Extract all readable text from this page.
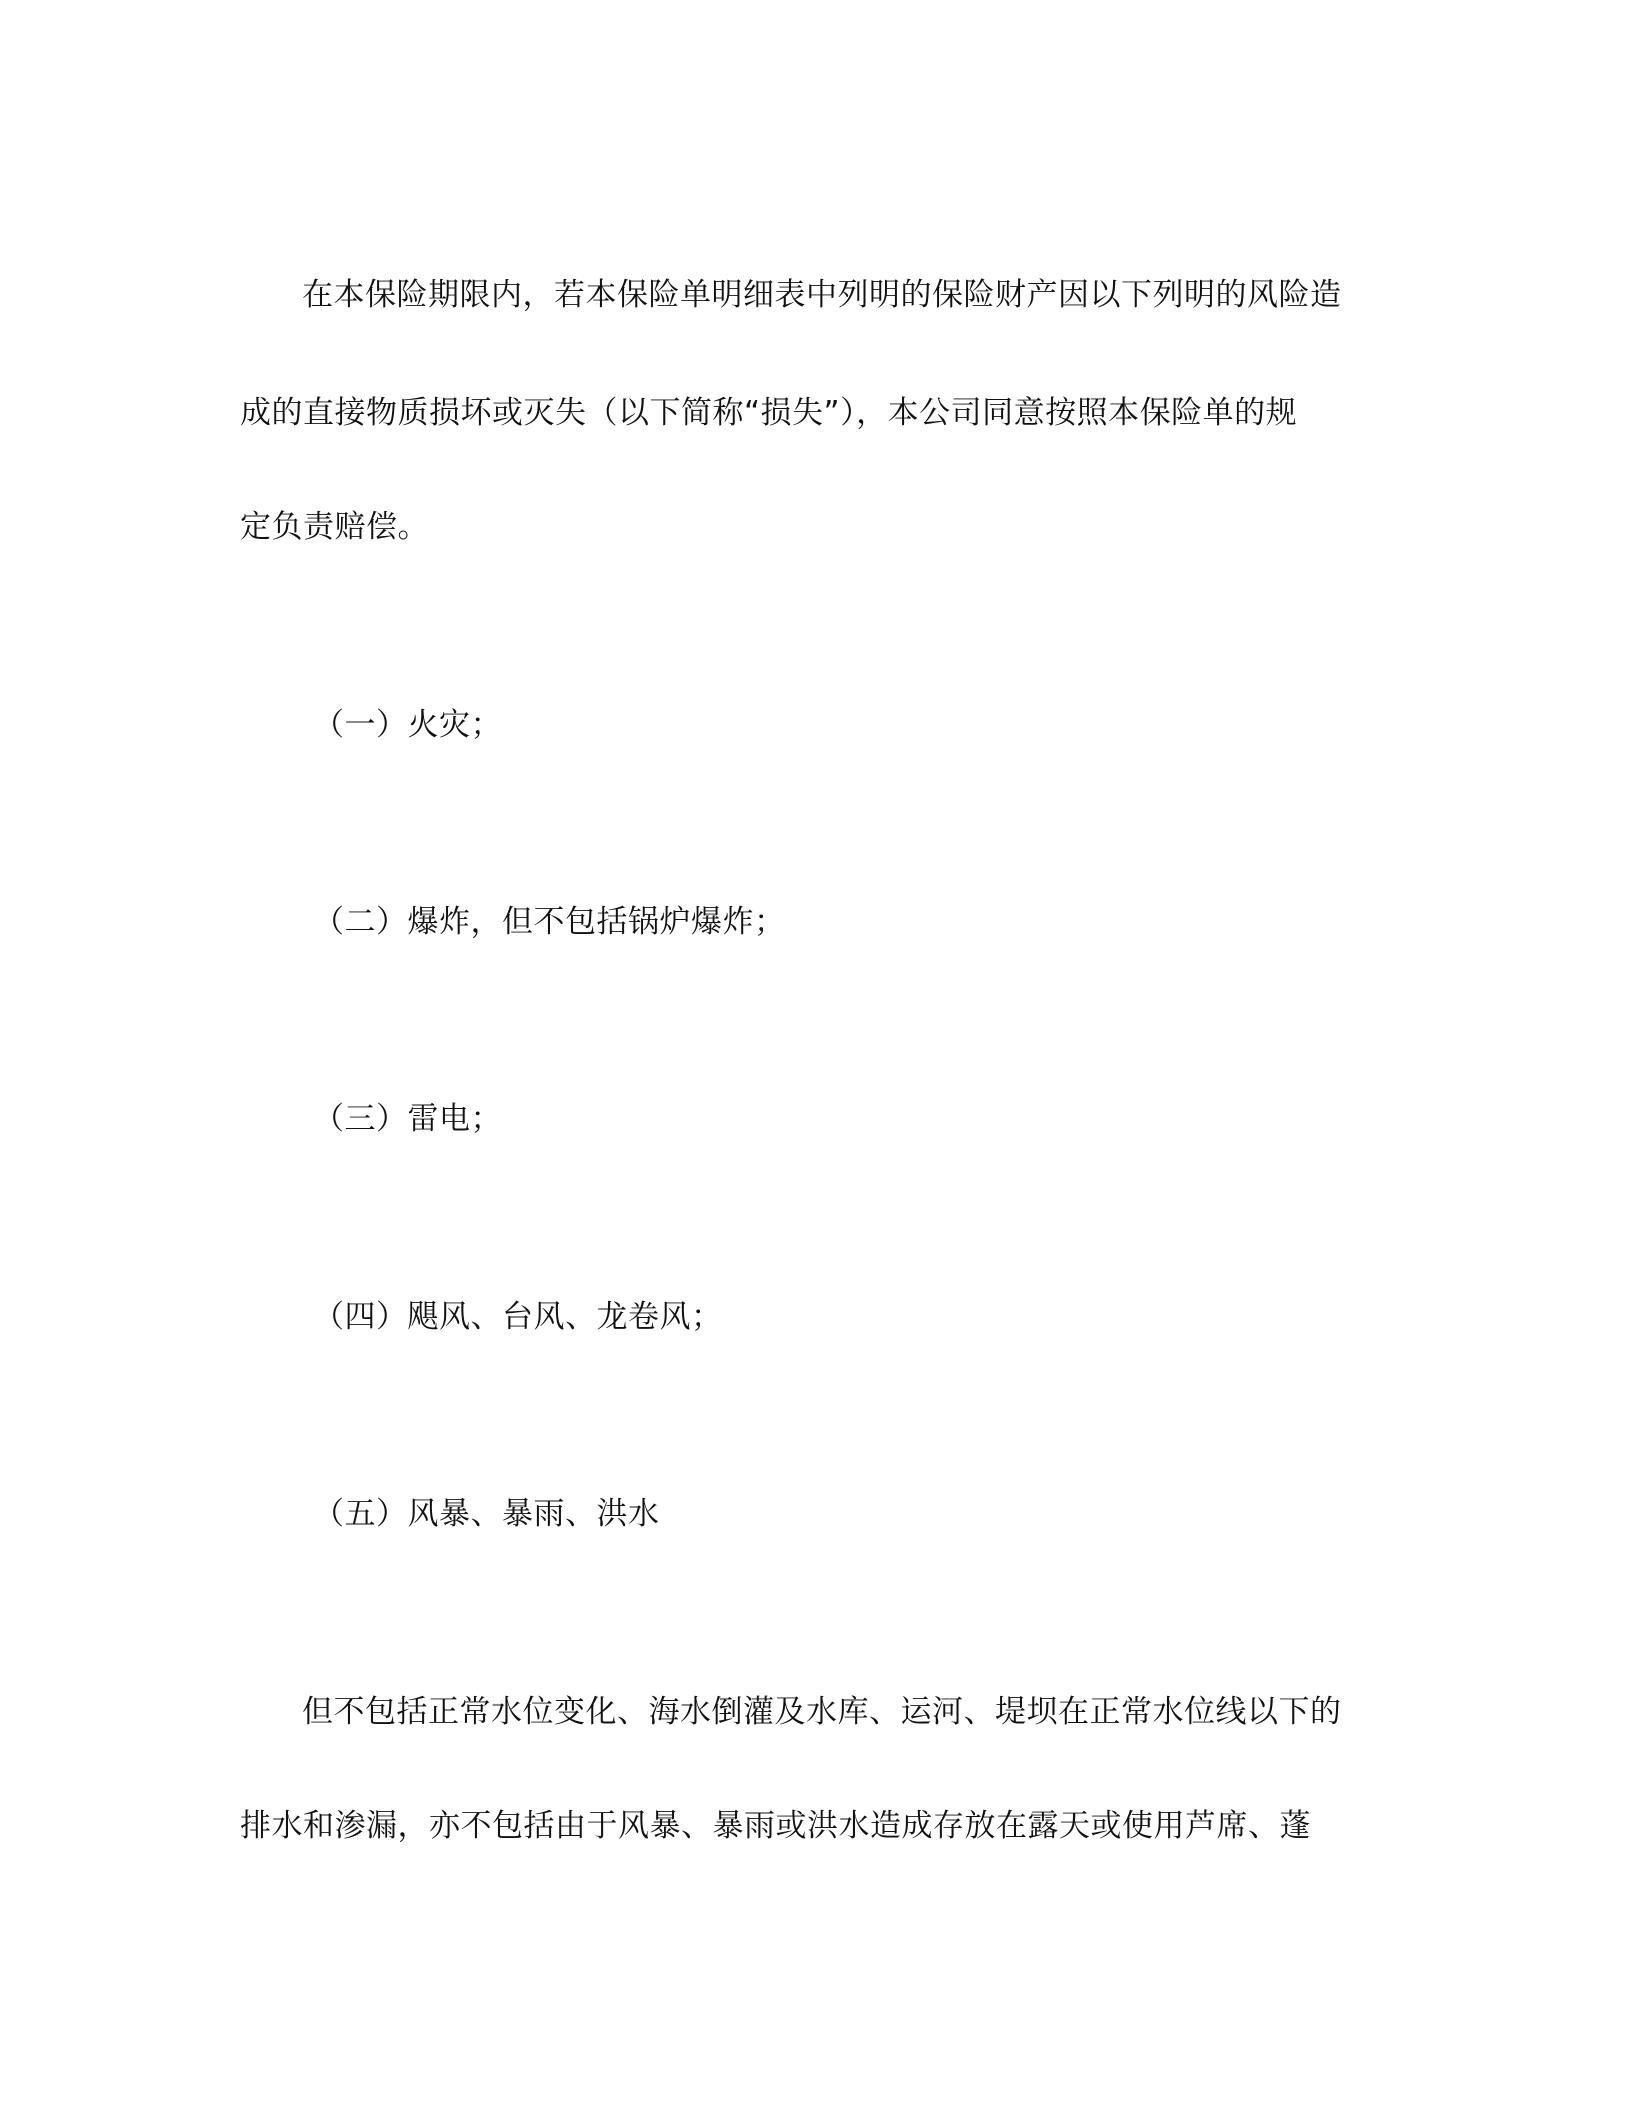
在本保险期限内，若本保险单明细表中列明的保险财产因以下列明的风险造
成的直接物质损坏或灭失（以下简称“损失”），本公司同意按照本保险单的规
定负责赔偿。
（一）火灾；
（二）爆炸，但不包括锅炉爆炸；
（三）雷电；
（四）飓风、台风、龙卷风；
（五）风暴、暴雨、洪水
但不包括正常水位变化、海水倒灌及水库、运河、堤坝在正常水位线以下的
排水和渗漏，亦不包括由于风暴、暴雨或洪水造成存放在露天或使用芦席、蓬
